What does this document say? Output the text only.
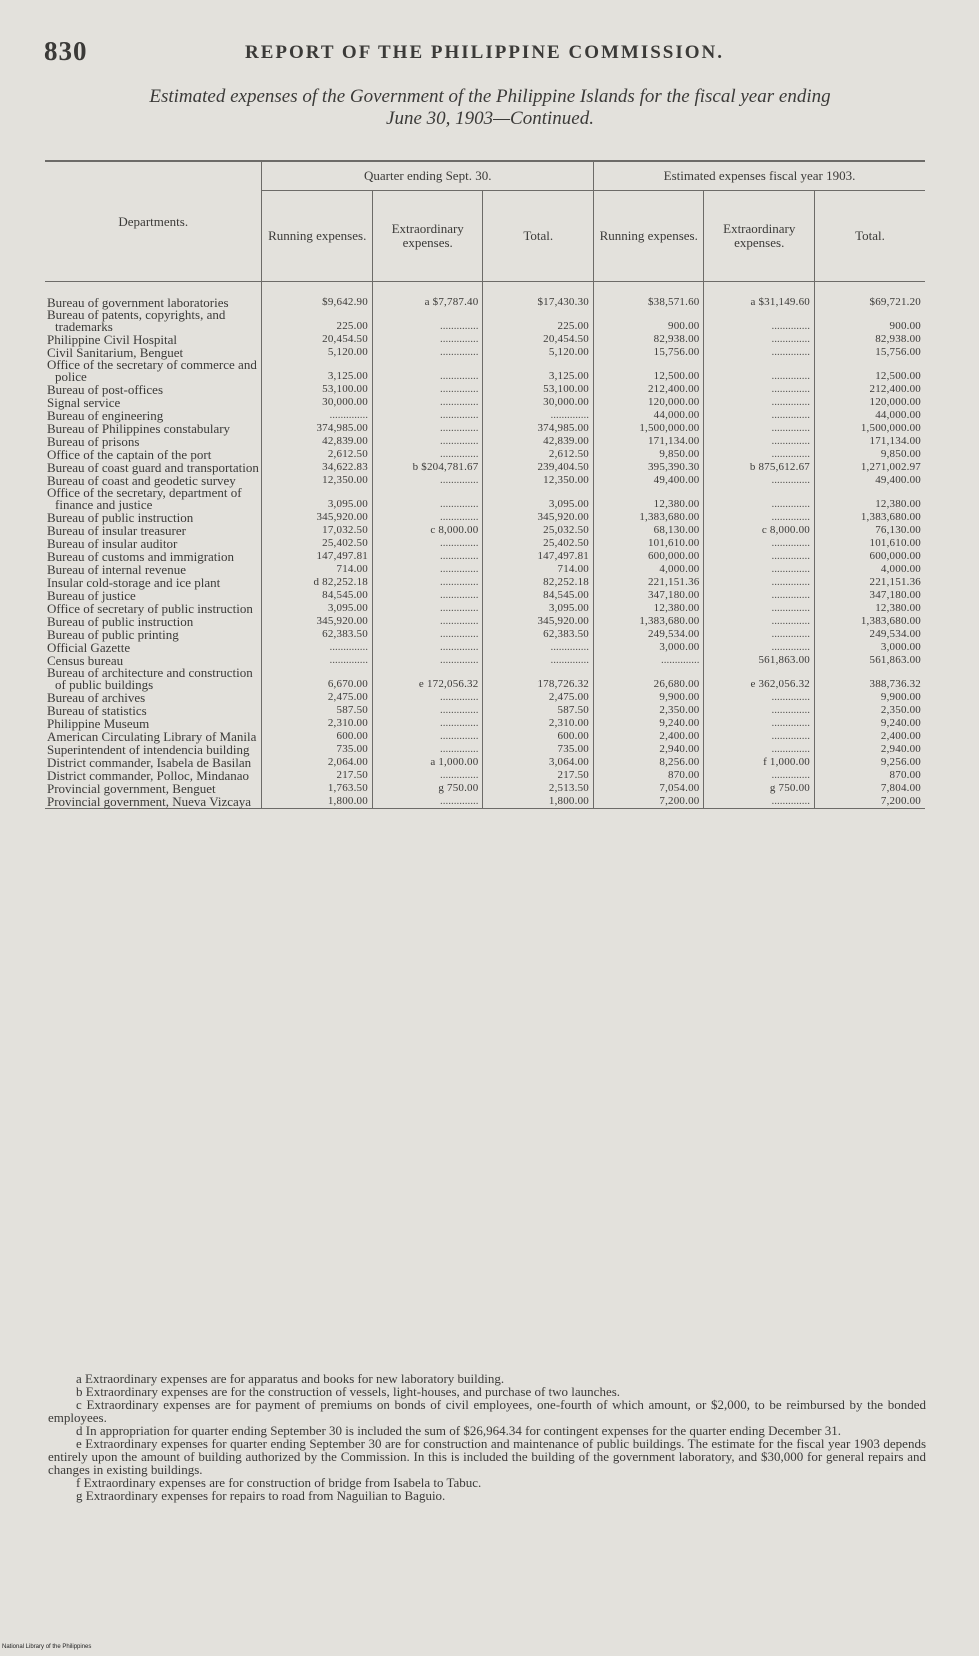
830	REPORT OF THE PHILIPPINE COMMISSION.
Estimated expenses of the Government of the Philippine Islands for the fiscal year ending
June 30, 1903—Continued.
Departments.	Quarter ending Sept. 30.			Estimated expenses fiscal year 1903.		
	Running expenses.	Extraordinary expenses.	Total.	Running expenses.	Extraordinary expenses.	Total.
Bureau of government laboratories	$9,642.90	a $7,787.40	$17,430.30	$38,571.60	a $31,149.60	$69,721.20
Bureau of patents, copyrights, and trademarks	225.00	..............	225.00	900.00	..............	900.00
Philippine Civil Hospital	20,454.50	..............	20,454.50	82,938.00	..............	82,938.00
Civil Sanitarium, Benguet	5,120.00	..............	5,120.00	15,756.00	..............	15,756.00
Office of the secretary of commerce and police	3,125.00	..............	3,125.00	12,500.00	..............	12,500.00
Bureau of post-offices	53,100.00	..............	53,100.00	212,400.00	..............	212,400.00
Signal service	30,000.00	..............	30,000.00	120,000.00	..............	120,000.00
Bureau of engineering	..............	..............	..............	44,000.00	..............	44,000.00
Bureau of Philippines constabulary	374,985.00	..............	374,985.00	1,500,000.00	..............	1,500,000.00
Bureau of prisons	42,839.00	..............	42,839.00	171,134.00	..............	171,134.00
Office of the captain of the port	2,612.50	..............	2,612.50	9,850.00	..............	9,850.00
Bureau of coast guard and transportation	34,622.83	b $204,781.67	239,404.50	395,390.30	b 875,612.67	1,271,002.97
Bureau of coast and geodetic survey	12,350.00	..............	12,350.00	49,400.00	..............	49,400.00
Office of the secretary, department of finance and justice	3,095.00	..............	3,095.00	12,380.00	..............	12,380.00
Bureau of public instruction	345,920.00	..............	345,920.00	1,383,680.00	..............	1,383,680.00
Bureau of insular treasurer	17,032.50	c 8,000.00	25,032.50	68,130.00	c 8,000.00	76,130.00
Bureau of insular auditor	25,402.50	..............	25,402.50	101,610.00	..............	101,610.00
Bureau of customs and immigration	147,497.81	..............	147,497.81	600,000.00	..............	600,000.00
Bureau of internal revenue	714.00	..............	714.00	4,000.00	..............	4,000.00
Insular cold-storage and ice plant	d 82,252.18	..............	82,252.18	221,151.36	..............	221,151.36
Bureau of justice	84,545.00	..............	84,545.00	347,180.00	..............	347,180.00
Office of secretary of public instruction	3,095.00	..............	3,095.00	12,380.00	..............	12,380.00
Bureau of public instruction	345,920.00	..............	345,920.00	1,383,680.00	..............	1,383,680.00
Bureau of public printing	62,383.50	..............	62,383.50	249,534.00	..............	249,534.00
Official Gazette	..............	..............	..............	3,000.00	..............	3,000.00
Census bureau	..............	..............	..............	..............	561,863.00	561,863.00
Bureau of architecture and construction of public buildings	6,670.00	e 172,056.32	178,726.32	26,680.00	e 362,056.32	388,736.32
Bureau of archives	2,475.00	..............	2,475.00	9,900.00	..............	9,900.00
Bureau of statistics	587.50	..............	587.50	2,350.00	..............	2,350.00
Philippine Museum	2,310.00	..............	2,310.00	9,240.00	..............	9,240.00
American Circulating Library of Manila	600.00	..............	600.00	2,400.00	..............	2,400.00
Superintendent of intendencia building	735.00	..............	735.00	2,940.00	..............	2,940.00
District commander, Isabela de Basilan	2,064.00	a 1,000.00	3,064.00	8,256.00	f 1,000.00	9,256.00
District commander, Polloc, Mindanao	217.50	..............	217.50	870.00	..............	870.00
Provincial government, Benguet	1,763.50	g 750.00	2,513.50	7,054.00	g 750.00	7,804.00
Provincial government, Nueva Vizcaya	1,800.00	..............	1,800.00	7,200.00	..............	7,200.00

a Extraordinary expenses are for apparatus and books for new laboratory building.

b Extraordinary expenses are for the construction of vessels, light-houses, and purchase of two launches.

c Extraordinary expenses are for payment of premiums on bonds of civil employees, one-fourth of which amount, or $2,000, to be reimbursed by the bonded employees.

d In appropriation for quarter ending September 30 is included the sum of $26,964.34 for contingent expenses for the quarter ending December 31.

e Extraordinary expenses for quarter ending September 30 are for construction and maintenance of public buildings. The estimate for the fiscal year 1903 depends entirely upon the amount of building authorized by the Commission. In this is included the building of the government laboratory, and $30,000 for general repairs and changes in existing buildings.

f Extraordinary expenses are for construction of bridge from Isabela to Tabuc.

g Extraordinary expenses for repairs to road from Naguilian to Baguio.

National Library of the Philippines
